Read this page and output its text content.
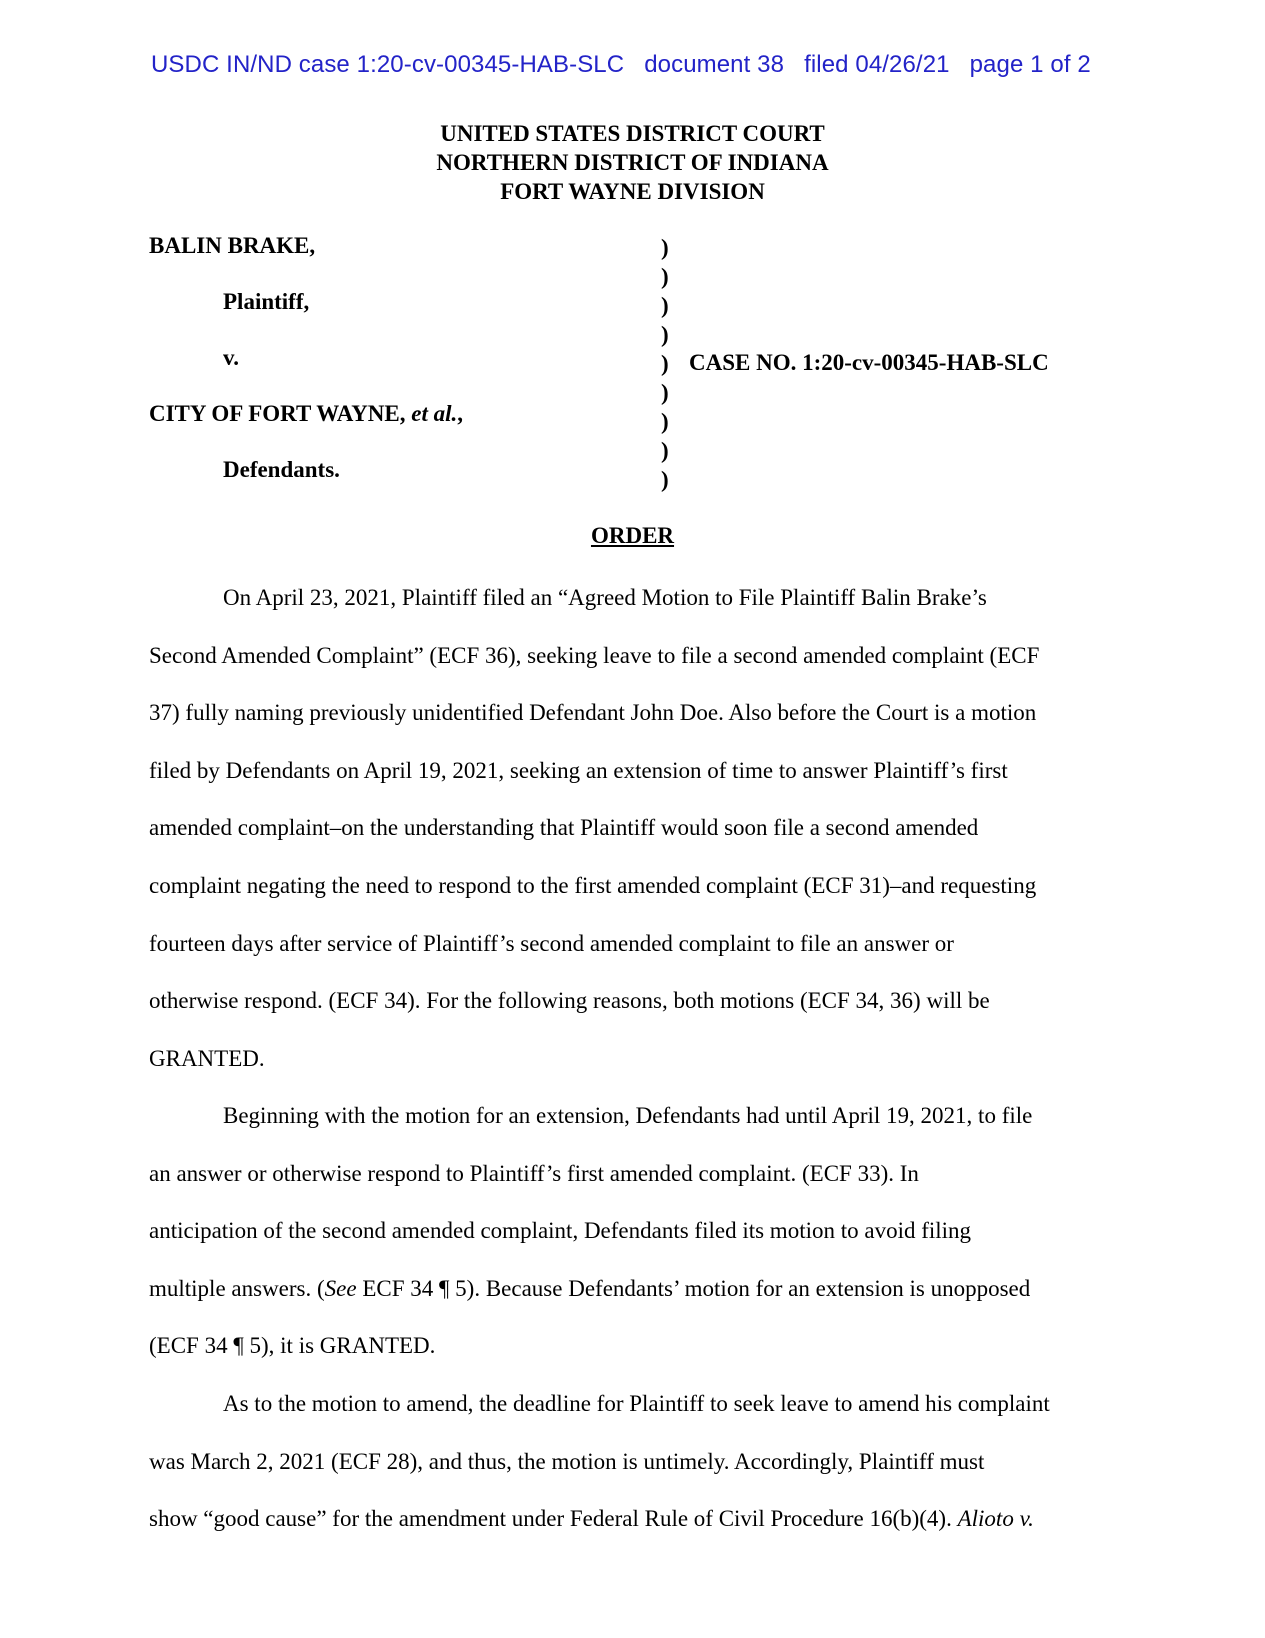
USDC IN/ND case 1:20-cv-00345-HAB-SLC document 38 filed 04/26/21 page 1 of 2
UNITED STATES DISTRICT COURT
NORTHERN DISTRICT OF INDIANA
FORT WAYNE DIVISION
BALIN BRAKE,
Plaintiff,
v.
CITY OF FORT WAYNE, et al.,
Defendants.
)
)
)
)
)
)
)
)
)
CASE NO. 1:20-cv-00345-HAB-SLC
ORDER
On April 23, 2021, Plaintiff filed an “Agreed Motion to File Plaintiff Balin Brake’s
Second Amended Complaint” (ECF 36), seeking leave to file a second amended complaint (ECF
37) fully naming previously unidentified Defendant John Doe. Also before the Court is a motion
filed by Defendants on April 19, 2021, seeking an extension of time to answer Plaintiff’s first
amended complaint–on the understanding that Plaintiff would soon file a second amended
complaint negating the need to respond to the first amended complaint (ECF 31)–and requesting
fourteen days after service of Plaintiff’s second amended complaint to file an answer or
otherwise respond. (ECF 34). For the following reasons, both motions (ECF 34, 36) will be
GRANTED.
Beginning with the motion for an extension, Defendants had until April 19, 2021, to file
an answer or otherwise respond to Plaintiff’s first amended complaint. (ECF 33). In
anticipation of the second amended complaint, Defendants filed its motion to avoid filing
multiple answers. (See ECF 34 ¶ 5). Because Defendants’ motion for an extension is unopposed
(ECF 34 ¶ 5), it is GRANTED.
As to the motion to amend, the deadline for Plaintiff to seek leave to amend his complaint
was March 2, 2021 (ECF 28), and thus, the motion is untimely. Accordingly, Plaintiff must
show “good cause” for the amendment under Federal Rule of Civil Procedure 16(b)(4). Alioto v.
